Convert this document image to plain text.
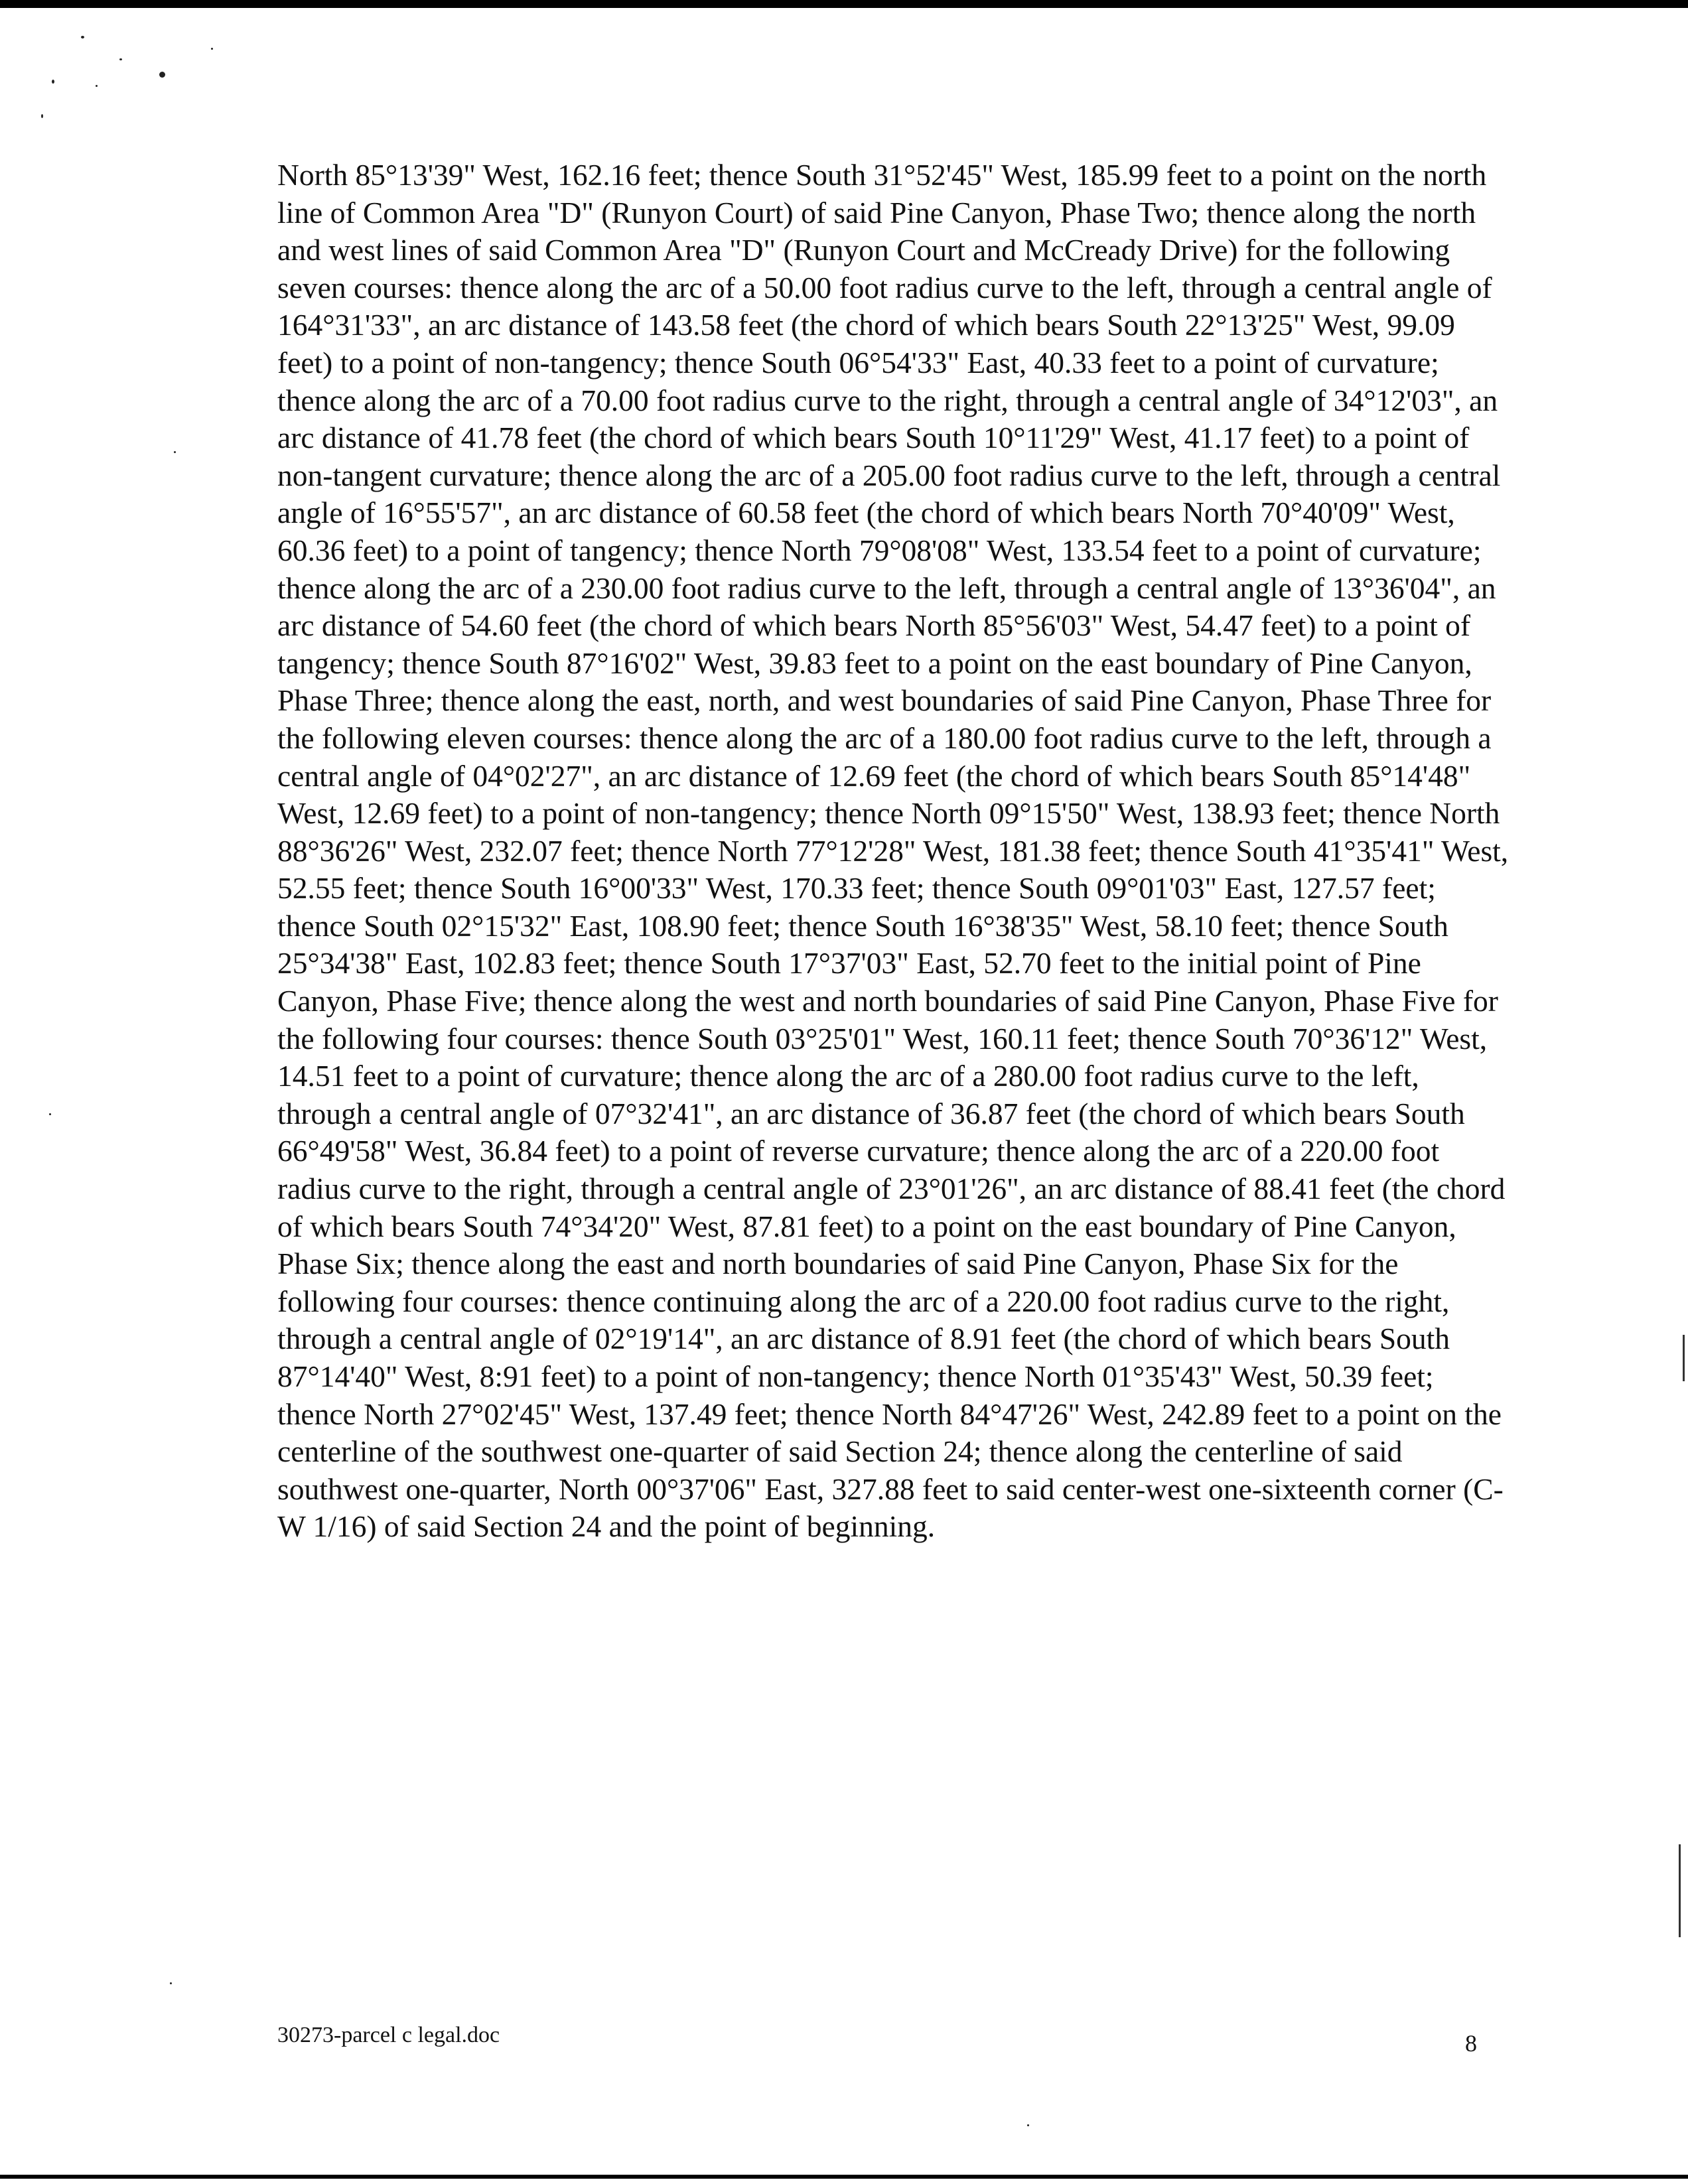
North 85°13'39" West, 162.16 feet; thence South 31°52'45" West, 185.99 feet to a point on the north line of Common Area "D" (Runyon Court) of said Pine Canyon, Phase Two; thence along the north and west lines of said Common Area "D" (Runyon Court and McCready Drive) for the following seven courses: thence along the arc of a 50.00 foot radius curve to the left, through a central angle of 164°31'33", an arc distance of 143.58 feet (the chord of which bears South 22°13'25" West, 99.09 feet) to a point of non-tangency; thence South 06°54'33" East, 40.33 feet to a point of curvature; thence along the arc of a 70.00 foot radius curve to the right, through a central angle of 34°12'03", an arc distance of 41.78 feet (the chord of which bears South 10°11'29" West, 41.17 feet) to a point of non-tangent curvature; thence along the arc of a 205.00 foot radius curve to the left, through a central angle of 16°55'57", an arc distance of 60.58 feet (the chord of which bears North 70°40'09" West, 60.36 feet) to a point of tangency; thence North 79°08'08" West, 133.54 feet to a point of curvature; thence along the arc of a 230.00 foot radius curve to the left, through a central angle of 13°36'04", an arc distance of 54.60 feet (the chord of which bears North 85°56'03" West, 54.47 feet) to a point of tangency; thence South 87°16'02" West, 39.83 feet to a point on the east boundary of Pine Canyon, Phase Three; thence along the east, north, and west boundaries of said Pine Canyon, Phase Three for the following eleven courses: thence along the arc of a 180.00 foot radius curve to the left, through a central angle of 04°02'27", an arc distance of 12.69 feet (the chord of which bears South 85°14'48" West, 12.69 feet) to a point of non-tangency; thence North 09°15'50" West, 138.93 feet; thence North 88°36'26" West, 232.07 feet; thence North 77°12'28" West, 181.38 feet; thence South 41°35'41" West, 52.55 feet; thence South 16°00'33" West, 170.33 feet; thence South 09°01'03" East, 127.57 feet; thence South 02°15'32" East, 108.90 feet; thence South 16°38'35" West, 58.10 feet; thence South 25°34'38" East, 102.83 feet; thence South 17°37'03" East, 52.70 feet to the initial point of Pine Canyon, Phase Five; thence along the west and north boundaries of said Pine Canyon, Phase Five for the following four courses: thence South 03°25'01" West, 160.11 feet; thence South 70°36'12" West, 14.51 feet to a point of curvature; thence along the arc of a 280.00 foot radius curve to the left, through a central angle of 07°32'41", an arc distance of 36.87 feet (the chord of which bears South 66°49'58" West, 36.84 feet) to a point of reverse curvature; thence along the arc of a 220.00 foot radius curve to the right, through a central angle of 23°01'26", an arc distance of 88.41 feet (the chord of which bears South 74°34'20" West, 87.81 feet) to a point on the east boundary of Pine Canyon, Phase Six; thence along the east and north boundaries of said Pine Canyon, Phase Six for the following four courses: thence continuing along the arc of a 220.00 foot radius curve to the right, through a central angle of 02°19'14", an arc distance of 8.91 feet (the chord of which bears South 87°14'40" West, 8:91 feet) to a point of non-tangency; thence North 01°35'43" West, 50.39 feet; thence North 27°02'45" West, 137.49 feet; thence North 84°47'26" West, 242.89 feet to a point on the centerline of the southwest one-quarter of said Section 24; thence along the centerline of said southwest one-quarter, North 00°37'06" East, 327.88 feet to said center-west one-sixteenth corner (C-W 1/16) of said Section 24 and the point of beginning.

30273-parcel c legal.doc	8
